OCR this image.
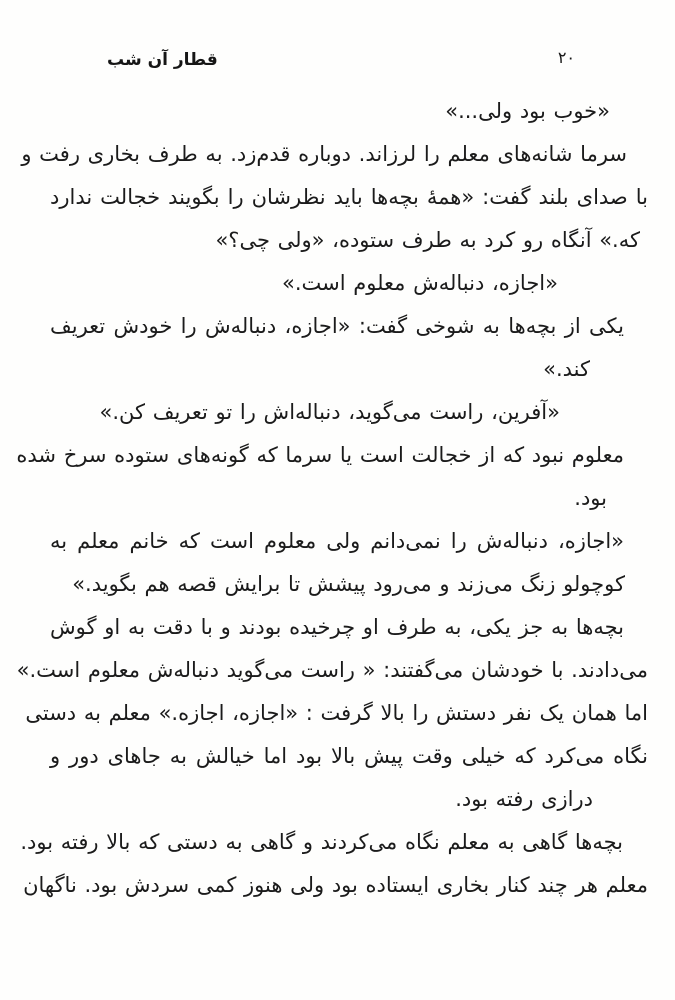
۲۰
قطار آن شب
«خوب بود ولی...»
سرما شانه‌های معلم را لرزاند. دوباره قدم‌زد. به طرف بخاری رفت و
با صدای بلند گفت: «همهٔ بچه‌ها باید نظرشان را بگویند خجالت ندارد
که.» آنگاه رو کرد به طرف ستوده، «ولی چی؟»
«اجازه، دنباله‌ش معلوم است.»
یکی از بچه‌ها به شوخی گفت: «اجازه، دنباله‌ش را خودش تعریف
کند.»
«آفرین، راست می‌گوید، دنباله‌اش را تو تعریف کن.»
معلوم نبود که از خجالت است یا سرما که گونه‌های ستوده سرخ شده
بود.
«اجازه، دنباله‌ش را نمی‌دانم ولی معلوم است که خانم معلم به
کوچولو زنگ می‌زند و می‌رود پیشش تا برایش قصه هم بگوید.»
بچه‌ها به جز یکی، به طرف او چرخیده بودند و با دقت به او گوش
می‌دادند. با خودشان می‌گفتند: « راست می‌گوید دنباله‌ش معلوم است.»
اما همان یک نفر دستش را بالا گرفت : «اجازه، اجازه.» معلم به دستی
نگاه می‌کرد که خیلی وقت پیش بالا بود اما خیالش به جاهای دور و
درازی رفته بود.
بچه‌ها گاهی به معلم نگاه می‌کردند و گاهی به دستی که بالا رفته بود.
معلم هر چند کنار بخاری ایستاده بود ولی هنوز کمی سردش بود. ناگهان
